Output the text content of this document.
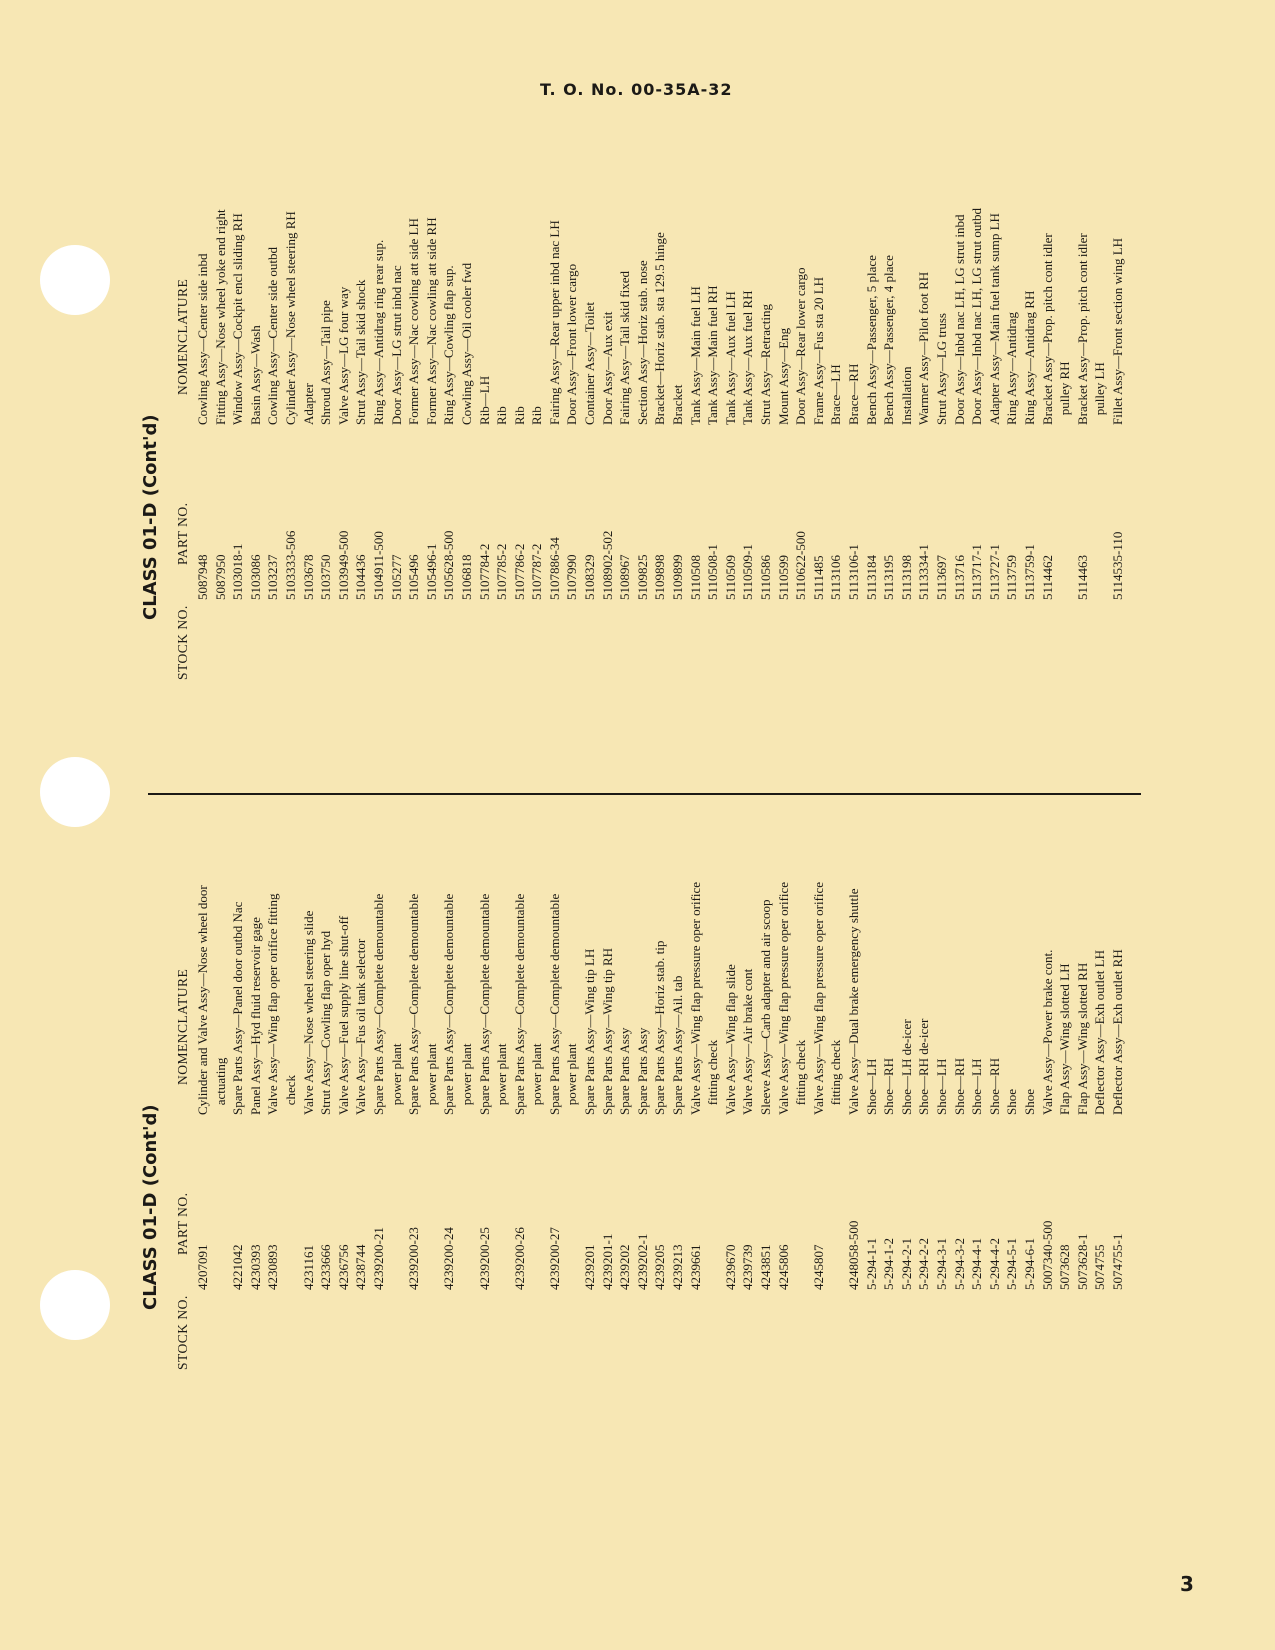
T. O. No. 00-35A-32
CLASS 01-D (Cont'd)
STOCK NO.
PART NO.
NOMENCLATURE
4207091
Cylinder and Valve Assy—Nose wheel door actuating
4221042
Spare Parts Assy—Panel door outbd Nac
4230393
Panel Assy—Hyd fluid reservoir gage
4230893
Valve Assy—Wing flap oper orifice fitting check
4231161
Valve Assy—Nose wheel steering slide
4233666
Strut Assy—Cowling flap oper hyd
4236756
Valve Assy—Fuel supply line shut-off
4238744
Valve Assy—Fus oil tank selector
4239200-21
Spare Parts Assy—Complete demountable power plant
4239200-23
Spare Parts Assy—Complete demountable power plant
4239200-24
Spare Parts Assy—Complete demountable power plant
4239200-25
Spare Parts Assy—Complete demountable power plant
4239200-26
Spare Parts Assy—Complete demountable power plant
4239200-27
Spare Parts Assy—Complete demountable power plant
4239201
Spare Parts Assy—Wing tip LH
4239201-1
Spare Parts Assy—Wing tip RH
4239202
Spare Parts Assy
4239202-1
Spare Parts Assy
4239205
Spare Parts Assy—Horiz stab. tip
4239213
Spare Parts Assy—Ail. tab
4239661
Valve Assy—Wing flap pressure oper orifice fitting check
4239670
Valve Assy—Wing flap slide
4239739
Valve Assy—Air brake cont
4243851
Sleeve Assy—Carb adapter and air scoop
4245806
Valve Assy—Wing flap pressure oper orifice fitting check
4245807
Valve Assy—Wing flap pressure oper orifice fitting check
4248058-500
Valve Assy—Dual brake emergency shuttle
5-294-1-1
Shoe—LH
5-294-1-2
Shoe—RH
5-294-2-1
Shoe—LH de-icer
5-294-2-2
Shoe—RH de-icer
5-294-3-1
Shoe—LH
5-294-3-2
Shoe—RH
5-294-4-1
Shoe—LH
5-294-4-2
Shoe—RH
5-294-5-1
Shoe
5-294-6-1
Shoe
5007340-500
Valve Assy—Power brake cont.
5073628
Flap Assy—Wing slotted LH
5073628-1
Flap Assy—Wing slotted RH
5074755
Deflector Assy—Exh outlet LH
5074755-1
Deflector Assy—Exh outlet RH
CLASS 01-D (Cont'd)
STOCK NO.
PART NO.
NOMENCLATURE
5087948
Cowling Assy—Center side inbd
5087950
Fitting Assy—Nose wheel yoke end right
5103018-1
Window Assy—Cockpit encl sliding RH
5103086
Basin Assy—Wash
5103237
Cowling Assy—Center side outbd
5103333-506
Cylinder Assy—Nose wheel steering RH
5103678
Adapter
5103750
Shroud Assy—Tail pipe
5103949-500
Valve Assy—LG four way
5104436
Strut Assy—Tail skid shock
5104911-500
Ring Assy—Antidrag ring rear sup.
5105277
Door Assy—LG strut inbd nac
5105496
Former Assy—Nac cowling att side LH
5105496-1
Former Assy—Nac cowling att side RH
5105628-500
Ring Assy—Cowling flap sup.
5106818
Cowling Assy—Oil cooler fwd
5107784-2
Rib—LH
5107785-2
Rib
5107786-2
Rib
5107787-2
Rib
5107886-34
Fairing Assy—Rear upper inbd nac LH
5107990
Door Assy—Front lower cargo
5108329
Container Assy—Toilet
5108902-502
Door Assy—Aux exit
5108967
Fairing Assy—Tail skid fixed
5109825
Section Assy—Horiz stab. nose
5109898
Bracket—Horiz stab. sta 129.5 hinge
5109899
Bracket
5110508
Tank Assy—Main fuel LH
5110508-1
Tank Assy—Main fuel RH
5110509
Tank Assy—Aux fuel LH
5110509-1
Tank Assy—Aux fuel RH
5110586
Strut Assy—Retracting
5110599
Mount Assy—Eng
5110622-500
Door Assy—Rear lower cargo
5111485
Frame Assy—Fus sta 20 LH
5113106
Brace—LH
5113106-1
Brace—RH
5113184
Bench Assy—Passenger, 5 place
5113195
Bench Assy—Passenger, 4 place
5113198
Installation
5113334-1
Warmer Assy—Pilot foot RH
5113697
Strut Assy—LG truss
5113716
Door Assy—Inbd nac LH, LG strut inbd
5113717-1
Door Assy—Inbd nac LH, LG strut outbd
5113727-1
Adapter Assy—Main fuel tank sump LH
5113759
Ring Assy—Antidrag
5113759-1
Ring Assy—Antidrag RH
5114462
Bracket Assy—Prop. pitch cont idler pulley RH
5114463
Bracket Assy—Prop. pitch cont idler pulley LH
5114535-110
Fillet Assy—Front section wing LH
3
